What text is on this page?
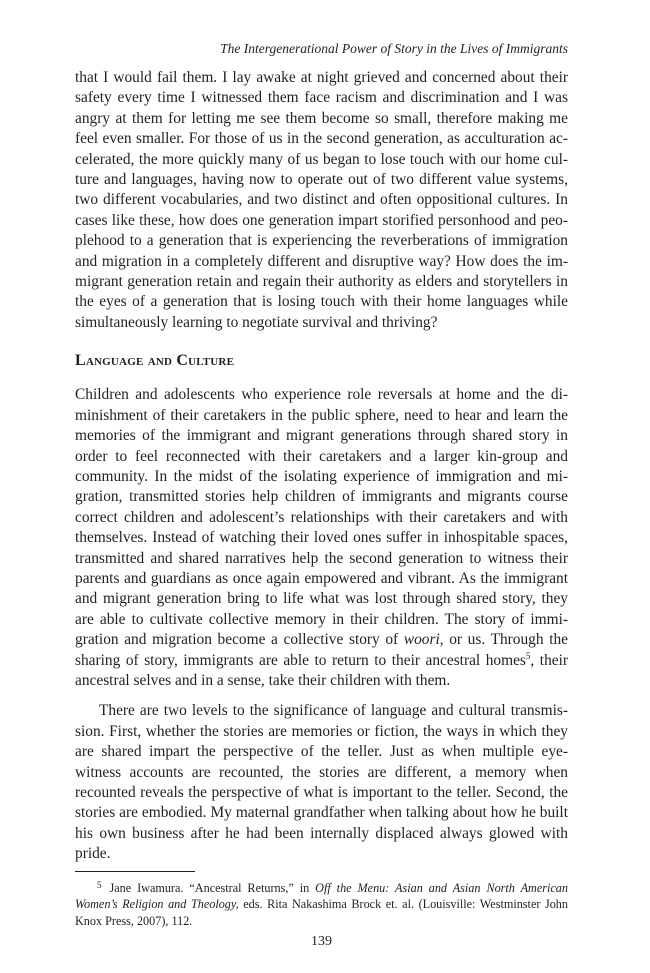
The Intergenerational Power of Story in the Lives of Immigrants

that I would fail them. I lay awake at night grieved and concerned about their safety every time I witnessed them face racism and discrimination and I was angry at them for letting me see them become so small, therefore making me feel even smaller. For those of us in the second generation, as acculturation accelerated, the more quickly many of us began to lose touch with our home culture and languages, having now to operate out of two different value systems, two different vocabularies, and two distinct and often oppositional cultures. In cases like these, how does one generation impart storified personhood and peoplehood to a generation that is experiencing the reverberations of immigration and migration in a completely different and disruptive way? How does the immigrant generation retain and regain their authority as elders and storytellers in the eyes of a generation that is losing touch with their home languages while simultaneously learning to negotiate survival and thriving?

Language and Culture

Children and adolescents who experience role reversals at home and the diminishment of their caretakers in the public sphere, need to hear and learn the memories of the immigrant and migrant generations through shared story in order to feel reconnected with their caretakers and a larger kin-group and community. In the midst of the isolating experience of immigration and migration, transmitted stories help children of immigrants and migrants course correct children and adolescent’s relationships with their caretakers and with themselves. Instead of watching their loved ones suffer in inhospitable spaces, transmitted and shared narratives help the second generation to witness their parents and guardians as once again empowered and vibrant. As the immigrant and migrant generation bring to life what was lost through shared story, they are able to cultivate collective memory in their children. The story of immigration and migration become a collective story of woori, or us. Through the sharing of story, immigrants are able to return to their ancestral homes$^5$, their ancestral selves and in a sense, take their children with them.

There are two levels to the significance of language and cultural transmission. First, whether the stories are memories or fiction, the ways in which they are shared impart the perspective of the teller. Just as when multiple eye-witness accounts are recounted, the stories are different, a memory when recounted reveals the perspective of what is important to the teller. Second, the stories are embodied. My maternal grandfather when talking about how he built his own business after he had been internally displaced always glowed with pride.

$^5$ Jane Iwamura. “Ancestral Returns,” in Off the Menu: Asian and Asian North American Women’s Religion and Theology, eds. Rita Nakashima Brock et. al. (Louisville: Westminster John Knox Press, 2007), 112.

139
